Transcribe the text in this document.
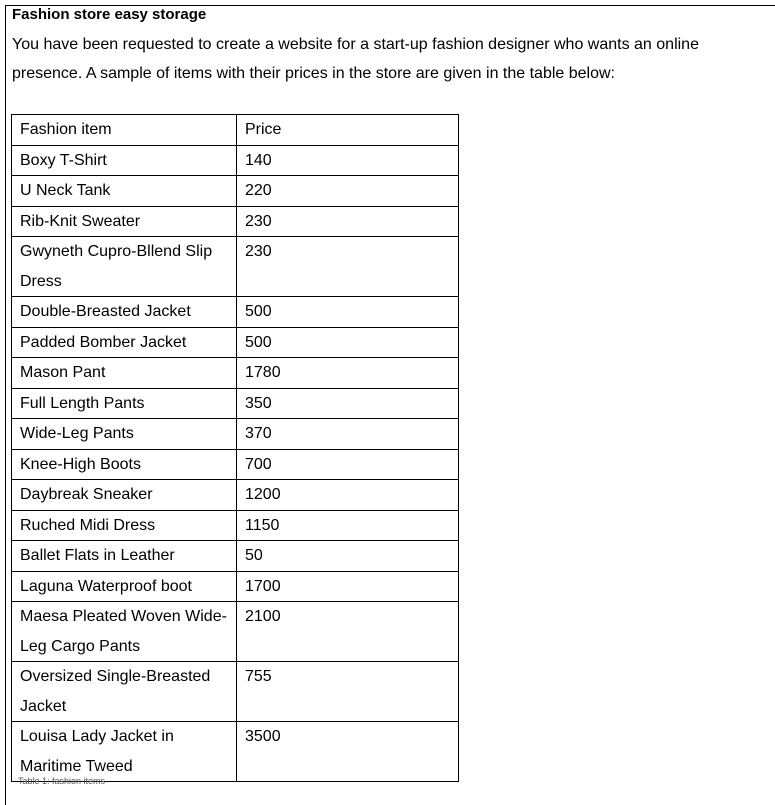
Fashion store easy storage

You have been requested to create a website for a start-up fashion designer who wants an online

presence. A sample of items with their prices in the store are given in the table below:

Fashion item	Price
Boxy T-Shirt	140
U Neck Tank	220
Rib-Knit Sweater	230
Gwyneth Cupro-Bllend Slip Dress	230
Double-Breasted Jacket	500
Padded Bomber Jacket	500
Mason Pant	1780
Full Length Pants	350
Wide-Leg Pants	370
Knee-High Boots	700
Daybreak Sneaker	1200
Ruched Midi Dress	1150
Ballet Flats in Leather	50
Laguna Waterproof boot	1700
Maesa Pleated Woven Wide-Leg Cargo Pants	2100
Oversized Single-Breasted Jacket	755
Louisa Lady Jacket in Maritime Tweed	3500
Table 1: fashion items
